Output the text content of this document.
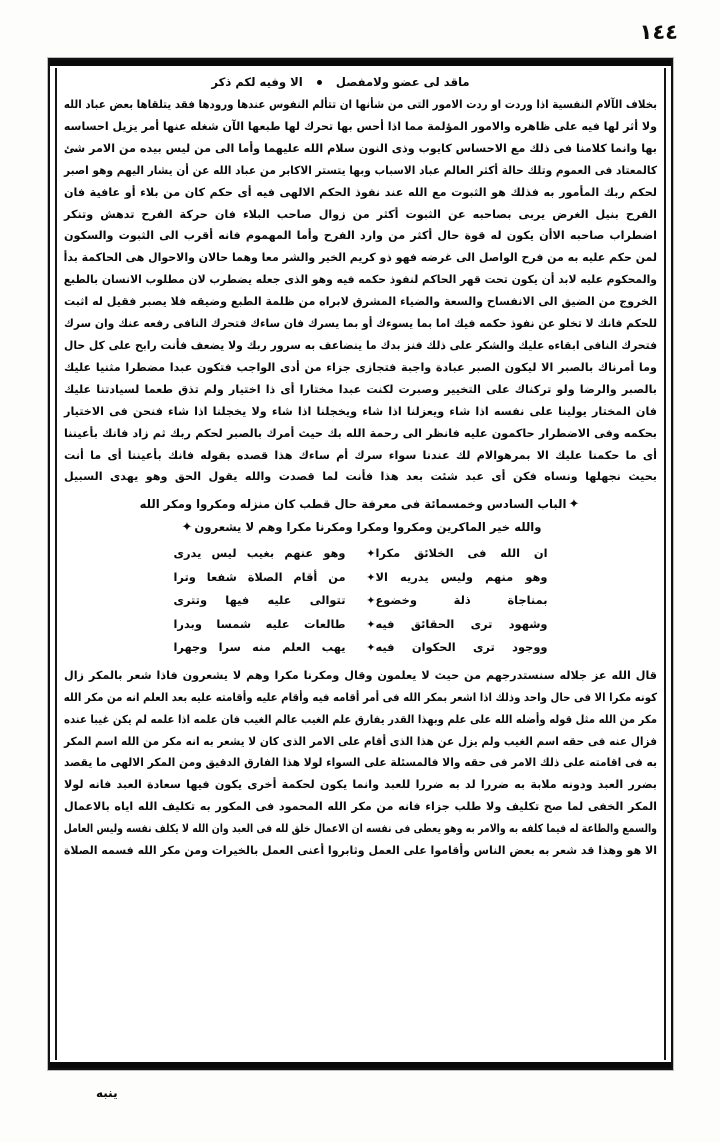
١٤٤
ماقد لى عضو ولامفصل  الا وفيه لكم ذكر
بخلاف الآلام النفسية اذا وردت او ردت الامور التى من شأنها ان تتألم النفوس عندها ورودها فقد يتلقاها بعض عباد الله
ولا أثر لها فيه على ظاهره والامور المؤلمة مما اذا أحس بها تحرك لها طبعها الآن شغله عنها أمر يزيل احساسه
بها وانما كلامنا فى ذلك مع الاحساس كايوب وذى النون سلام الله عليهما وأما الى من ليس بيده من الامر شئ
كالمعتاد فى العموم وتلك حالة أكثر العالم عباد الاسباب وبها يتستر الاكابر من عباد الله عن أن يشار اليهم وهو اصبر
لحكم ربك المأمور به فذلك هو الثبوت مع الله عند نفوذ الحكم الالهى فيه أى حكم كان من بلاء أو عافية فان
الفرح بنيل الغرض يربى بصاحبه عن الثبوت أكثر من زوال صاحب البلاء فان حركة الفرح تدهش وتنكر
اضطراب صاحبه الاأن يكون له قوة حال أكثر من وارد الفرح وأما المهموم فانه أقرب الى الثبوت والسكون
لمن حكم عليه به من فرح الواصل الى غرضه فهو ذو كريم الخير والشر معا وهما حالان والاحوال هى الحاكمة بدأ
والمحكوم عليه لابد أن يكون تحت قهر الحاكم لنفوذ حكمه فيه وهو الذى جعله يضطرب لان مطلوب الانسان بالطبع
الخروج من الضيق الى الانفساح والسعة والضياء المشرق لابراه من ظلمة الطبع وضيقه فلا يصبر فقيل له اثبت
للحكم فانك لا تخلو عن نفوذ حكمه فيك اما بما يسوءك أو بما يسرك فان ساءك فتحرك النافى رفعه عنك وان سرك
فتحرك النافى ابقاءه عليك والشكر على ذلك فنز بدك ما ينضاعف به سرور ربك ولا يضعف فأنت رابح على كل حال
وما أمرناك بالصبر الا ليكون الصبر عبادة واجبة فتجازى جزاء من أدى الواجب فتكون عبدا مضطرا مثنيا عليك
بالصبر والرضا ولو تركناك على التخيير وصبرت لكنت عبدا مختارا أى ذا اختيار ولم تذق طعما لسيادتنا عليك
فان المختار يولينا على نفسه اذا شاء ويعزلنا اذا شاء ويخجلنا اذا شاء ولا يخجلنا اذا شاء فنحن فى الاختيار
بحكمه وفى الاضطرار حاكمون عليه فانظر الى رحمة الله بك حيث أمرك بالصبر لحكم ربك ثم زاد فانك بأعيننا
أى ما حكمنا عليك الا بمرهوالام لك عندنا سواء سرك أم ساءك هذا قصده بقوله فانك بأعيننا أى ما أنت
بحيث نجهلها ونساه فكن أى عبد شئت بعد هذا فأنت لما قصدت والله يقول الحق وهو يهدى السبيل
✦الباب السادس وخمسمائة فى معرفة حال قطب كان منزله ومكروا ومكر الله
والله خير الماكرين ومكروا ومكرا ومكرنا مكرا وهم لا يشعرون✦
ان الله فى الخلائق مكرا
✦
وهو عنهم بغيب ليس يدرى
وهو منهم وليس يدريه الا
✦
من أقام الصلاة شفعا وترا
بمناجاة ذلة وخضوع
✦
تتوالى عليه فيها وتترى
وشهود ترى الحقائق فيه
✦
طالعات عليه شمسا وبدرا
ووجود ترى الحكوان فيه
✦
يهب العلم منه سرا وجهرا
قال الله عز جلاله سنستدرجهم من حيث لا يعلمون وقال ومكرنا مكرا وهم لا يشعرون فاذا شعر بالمكر زال
كونه مكرا الا فى حال واحد وذلك اذا اشعر بمكر الله فى أمر أقامه فيه وأقام عليه وأقامته عليه بعد العلم انه من مكر الله
مكر من الله مثل قوله وأضله الله على علم وبهذا القدر يفارق علم الغيب عالم الغيب فان علمه اذا علمه لم يكن غيبا عنده
فزال عنه فى حقه اسم الغيب ولم يزل عن هذا الذى أقام على الامر الذى كان لا يشعر به انه مكر من الله اسم المكر
به فى اقامته على ذلك الامر فى حقه والا فالمسئلة على السواء لولا هذا الفارق الدقيق ومن المكر الالهى ما يقصد
بضرر العبد ودونه ملابة به ضررا لد به ضررا للعبد وانما يكون لحكمة أخرى يكون فيها سعادة العبد فانه لولا
المكر الخفى لما صح تكليف ولا طلب جزاء فانه من مكر الله المحمود فى المكور به تكليف الله اياه بالاعمال
والسمع والطاعة له فيما كلفه به والامر به وهو يعطى فى نفسه ان الاعمال خلق لله فى العبد وان الله لا يكلف نفسه وليس العامل
الا هو وهذا قد شعر به بعض الناس وأقاموا على العمل وثابروا أعنى العمل بالخيرات ومن مكر الله فسمه الصلاة
ينبه
